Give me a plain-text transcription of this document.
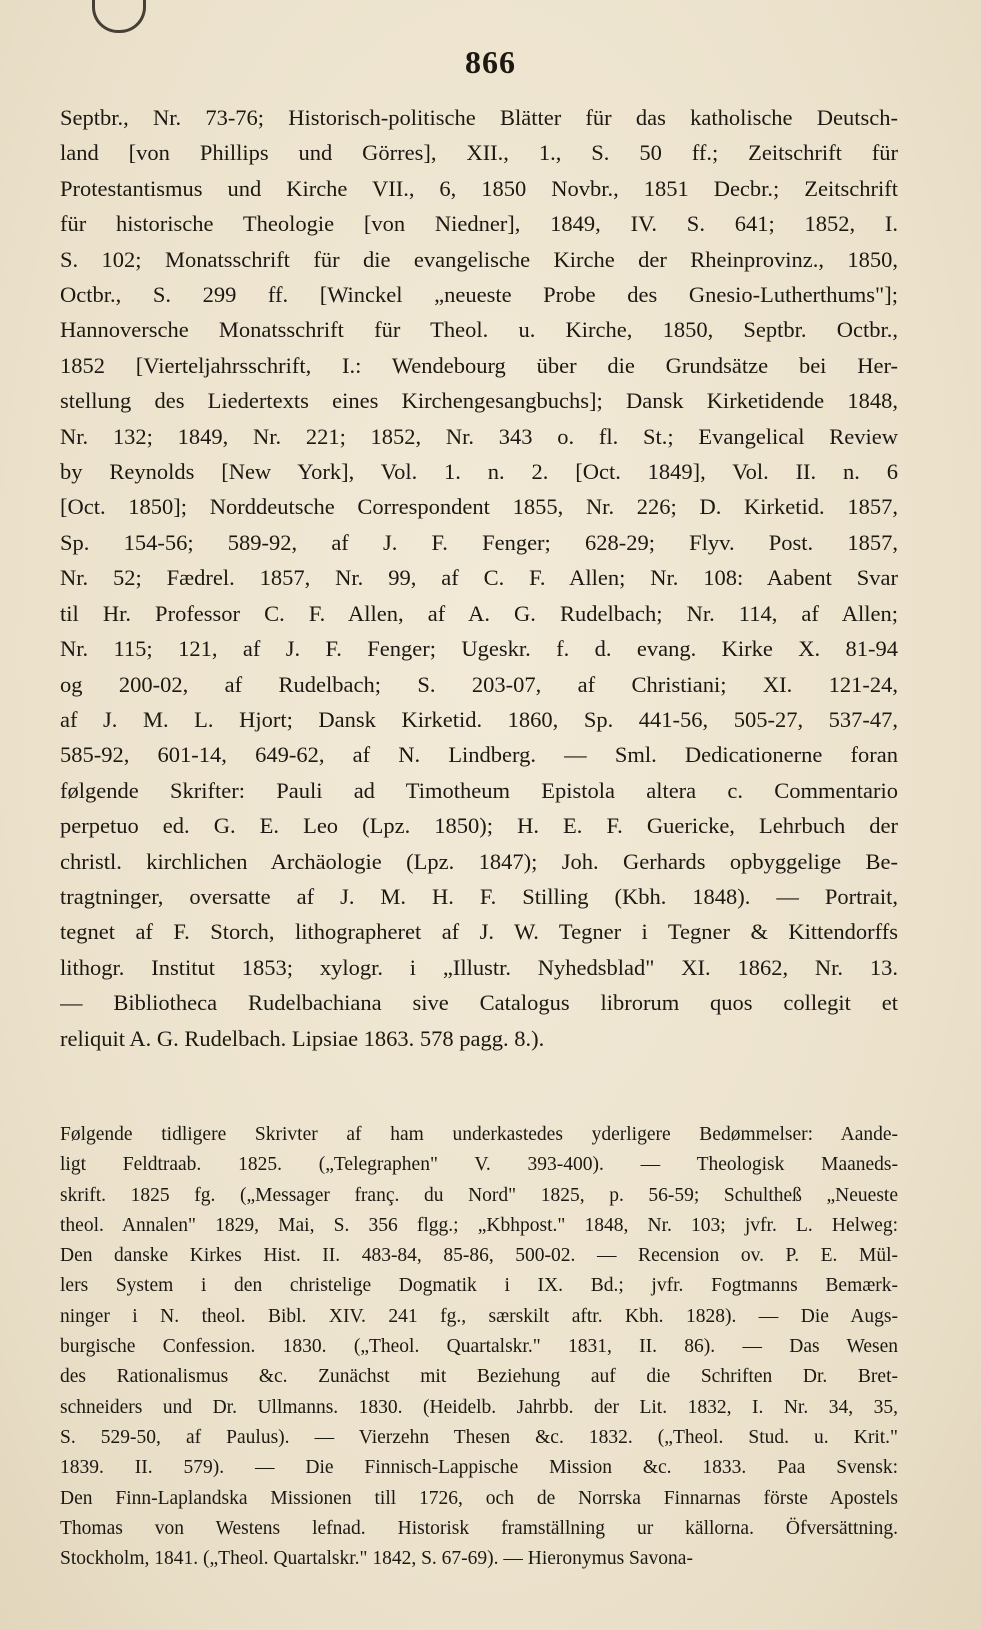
866
Septbr., Nr. 73-76; Historisch-politische Blätter für das katholische Deutsch-
land [von Phillips und Görres], XII., 1., S. 50 ff.; Zeitschrift für
Protestantismus und Kirche VII., 6, 1850 Novbr., 1851 Decbr.; Zeitschrift
für historische Theologie [von Niedner], 1849, IV. S. 641; 1852, I.
S. 102; Monatsschrift für die evangelische Kirche der Rheinprovinz., 1850,
Octbr., S. 299 ff. [Winckel „neueste Probe des Gnesio-Lutherthums"];
Hannoversche Monatsschrift für Theol. u. Kirche, 1850, Septbr. Octbr.,
1852 [Vierteljahrsschrift, I.: Wendebourg über die Grundsätze bei Her-
stellung des Liedertexts eines Kirchengesangbuchs]; Dansk Kirketidende 1848,
Nr. 132; 1849, Nr. 221; 1852, Nr. 343 o. fl. St.; Evangelical Review
by Reynolds [New York], Vol. 1. n. 2. [Oct. 1849], Vol. II. n. 6
[Oct. 1850]; Norddeutsche Correspondent 1855, Nr. 226; D. Kirketid. 1857,
Sp. 154-56; 589-92, af J. F. Fenger; 628-29; Flyv. Post. 1857,
Nr. 52; Fædrel. 1857, Nr. 99, af C. F. Allen; Nr. 108: Aabent Svar
til Hr. Professor C. F. Allen, af A. G. Rudelbach; Nr. 114, af Allen;
Nr. 115; 121, af J. F. Fenger; Ugeskr. f. d. evang. Kirke X. 81-94
og 200-02, af Rudelbach; S. 203-07, af Christiani; XI. 121-24,
af J. M. L. Hjort; Dansk Kirketid. 1860, Sp. 441-56, 505-27, 537-47,
585-92, 601-14, 649-62, af N. Lindberg. — Sml. Dedicationerne foran
følgende Skrifter: Pauli ad Timotheum Epistola altera c. Commentario
perpetuo ed. G. E. Leo (Lpz. 1850); H. E. F. Guericke, Lehrbuch der
christl. kirchlichen Archäologie (Lpz. 1847); Joh. Gerhards opbyggelige Be-
tragtninger, oversatte af J. M. H. F. Stilling (Kbh. 1848). — Portrait,
tegnet af F. Storch, lithographeret af J. W. Tegner i Tegner & Kittendorffs
lithogr. Institut 1853; xylogr. i „Illustr. Nyhedsblad" XI. 1862, Nr. 13.
— Bibliotheca Rudelbachiana sive Catalogus librorum quos collegit et
reliquit A. G. Rudelbach. Lipsiae 1863. 578 pagg. 8.).
Følgende tidligere Skrivter af ham underkastedes yderligere Bedømmelser: Aande-
ligt Feldtraab. 1825. („Telegraphen" V. 393-400). — Theologisk Maaneds-
skrift. 1825 fg. („Messager franç. du Nord" 1825, p. 56-59; Schultheß „Neueste
theol. Annalen" 1829, Mai, S. 356 flgg.; „Kbhpost." 1848, Nr. 103; jvfr. L. Helweg:
Den danske Kirkes Hist. II. 483-84, 85-86, 500-02. — Recension ov. P. E. Mül-
lers System i den christelige Dogmatik i IX. Bd.; jvfr. Fogtmanns Bemærk-
ninger i N. theol. Bibl. XIV. 241 fg., særskilt aftr. Kbh. 1828). — Die Augs-
burgische Confession. 1830. („Theol. Quartalskr." 1831, II. 86). — Das Wesen
des Rationalismus &c. Zunächst mit Beziehung auf die Schriften Dr. Bret-
schneiders und Dr. Ullmanns. 1830. (Heidelb. Jahrbb. der Lit. 1832, I. Nr. 34, 35,
S. 529-50, af Paulus). — Vierzehn Thesen &c. 1832. („Theol. Stud. u. Krit."
1839. II. 579). — Die Finnisch-Lappische Mission &c. 1833. Paa Svensk:
Den Finn-Laplandska Missionen till 1726, och de Norrska Finnarnas förste Apostels
Thomas von Westens lefnad. Historisk framställning ur källorna. Öfversättning.
Stockholm, 1841. („Theol. Quartalskr." 1842, S. 67-69). — Hieronymus Savona-
